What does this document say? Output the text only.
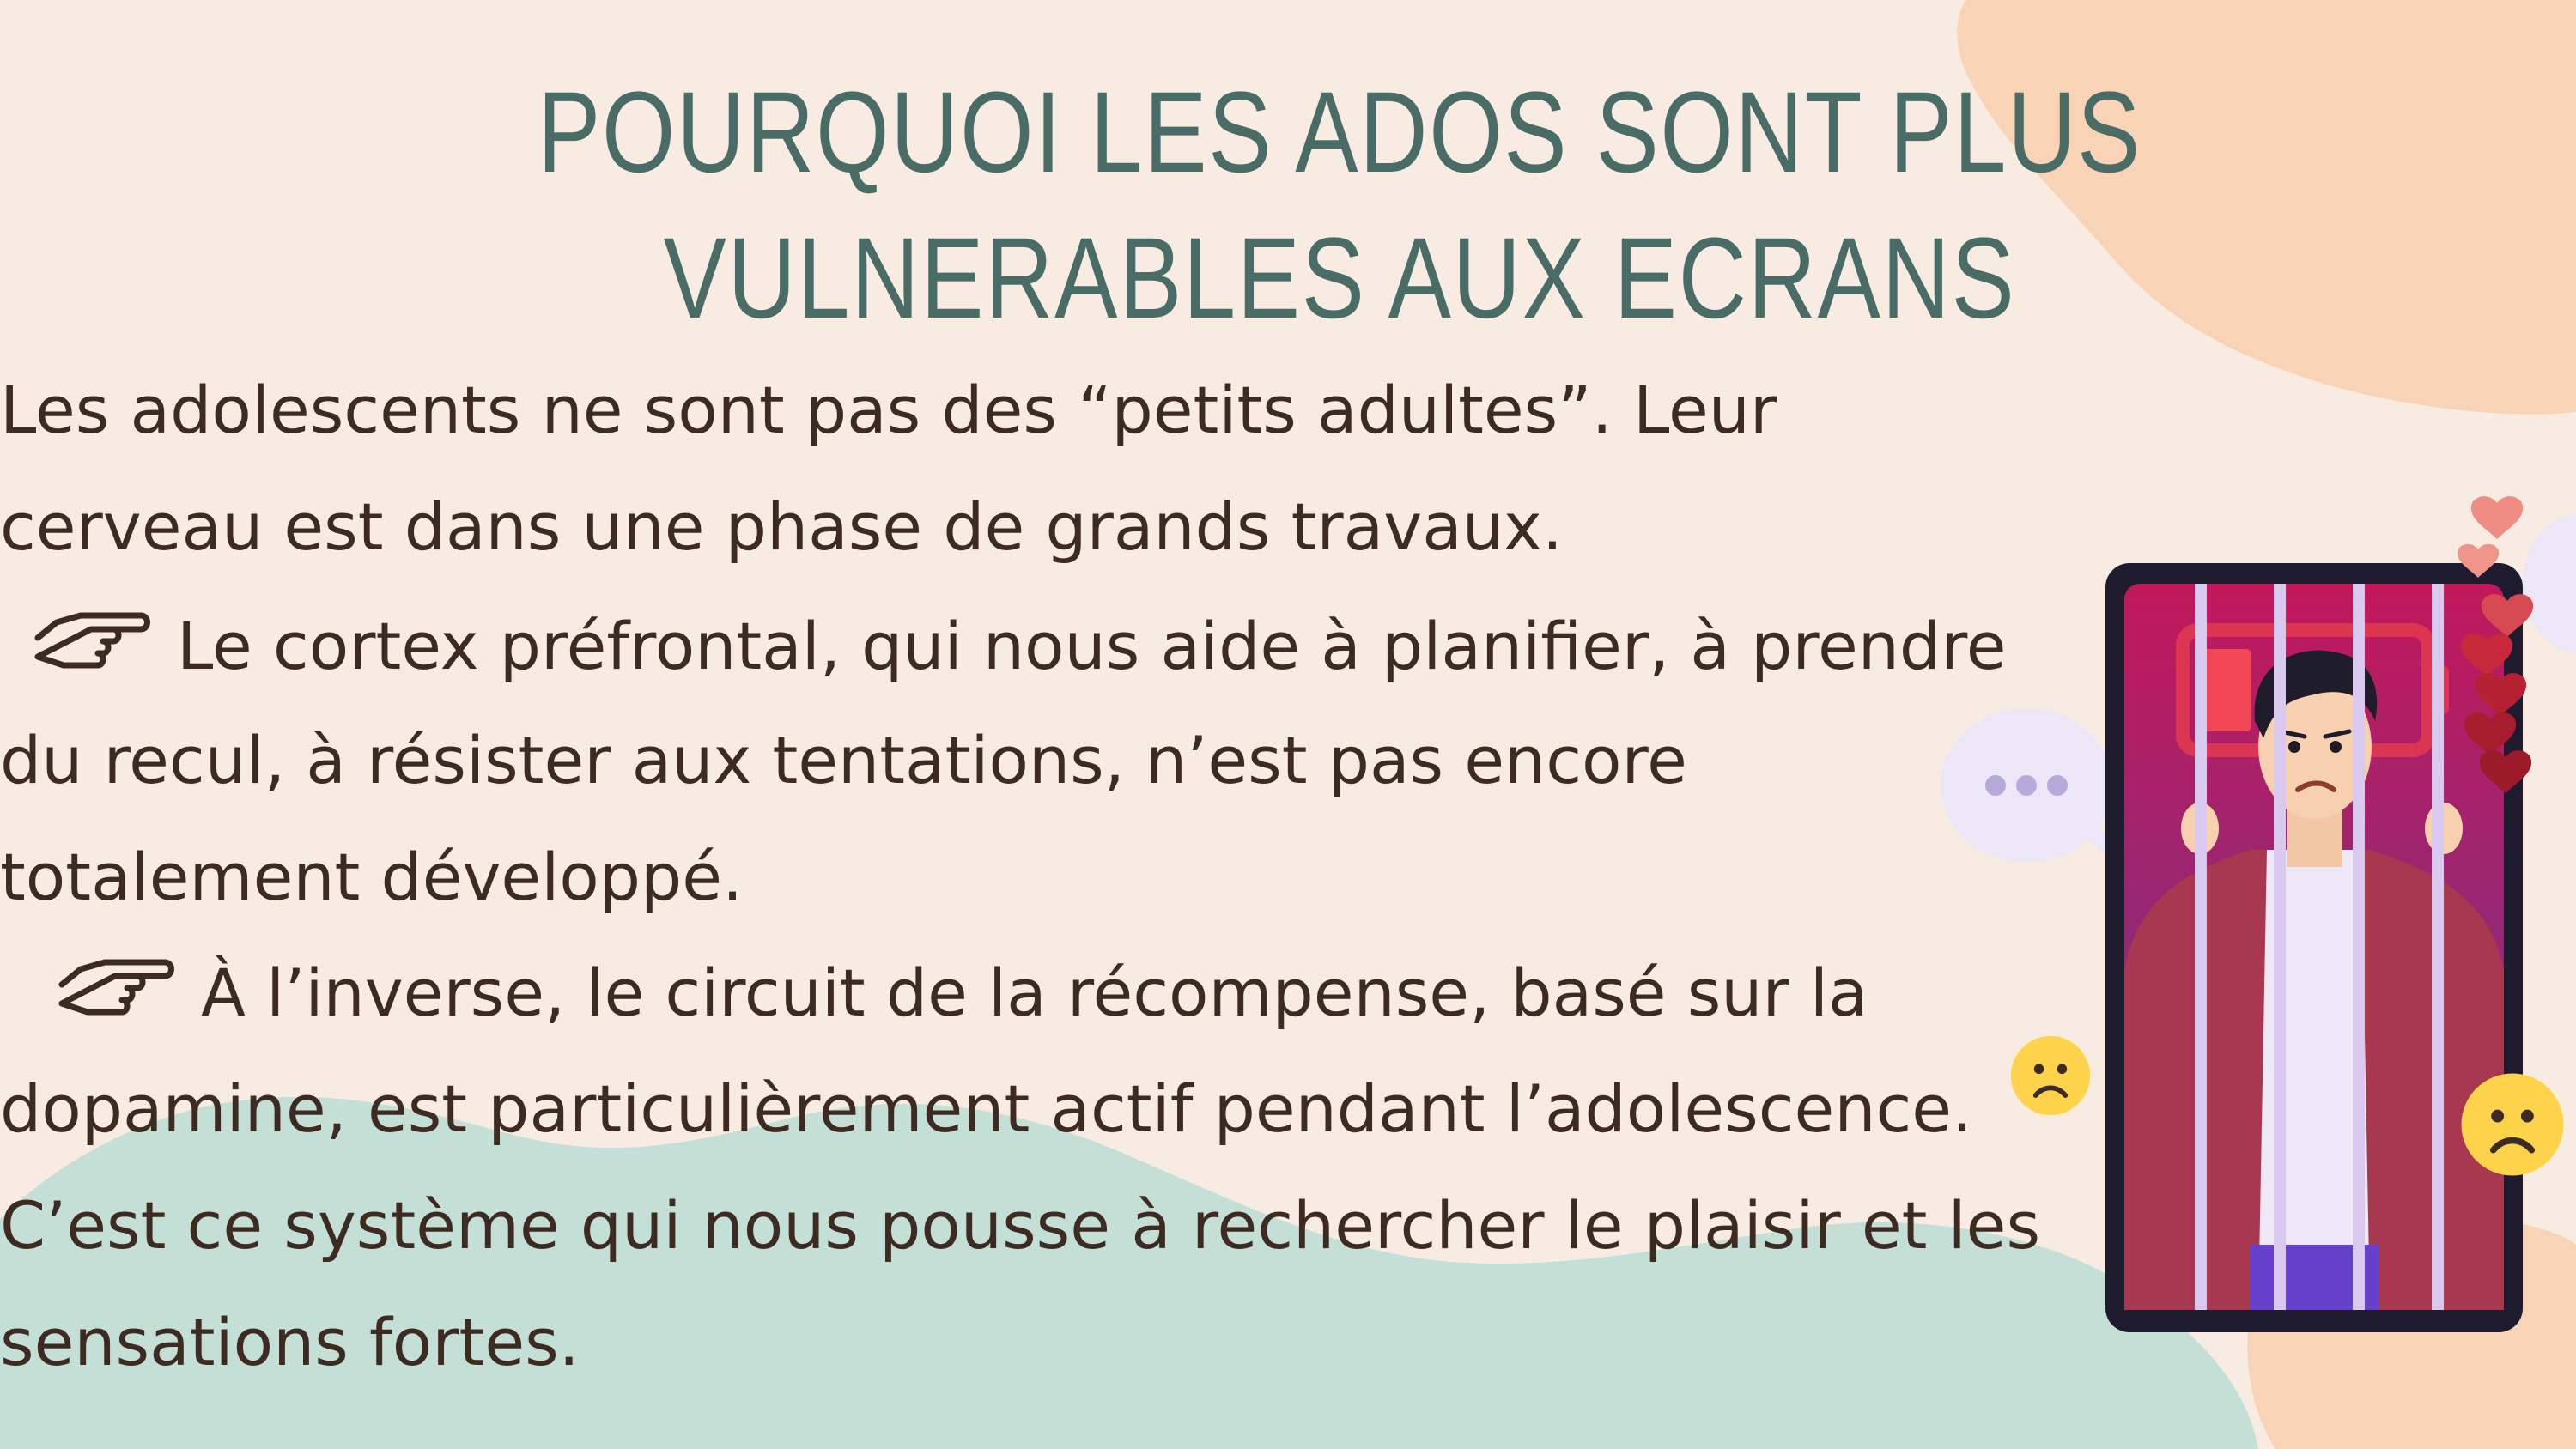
POURQUOI LES ADOS SONT PLUS VULNERABLES AUX ECRANS
Les adolescents ne sont pas des “petits adultes”. Leur
cerveau est dans une phase de grands travaux.
Le cortex préfrontal, qui nous aide à planifier, à prendre
du recul, à résister aux tentations, n’est pas encore
totalement développé.
À l’inverse, le circuit de la récompense, basé sur la
dopamine, est particulièrement actif pendant l’adolescence.
C’est ce système qui nous pousse à rechercher le plaisir et les
sensations fortes.
